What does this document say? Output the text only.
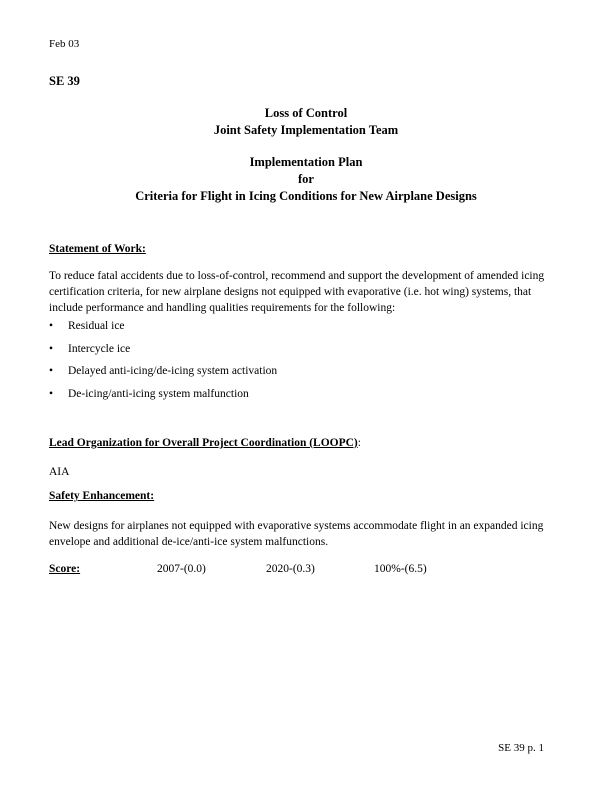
Feb 03
SE 39
Loss of Control
Joint Safety Implementation Team
Implementation Plan
for
Criteria for Flight in Icing Conditions for New Airplane Designs
Statement of Work:
To reduce fatal accidents due to loss-of-control, recommend and support the development of amended icing certification criteria, for new airplane designs not equipped with evaporative (i.e. hot wing) systems, that include performance and handling qualities requirements for the following:
• Residual ice
• Intercycle ice
• Delayed anti-icing/de-icing system activation
• De-icing/anti-icing system malfunction
Lead Organization for Overall Project Coordination (LOOPC):
AIA
Safety Enhancement:
New designs for airplanes not equipped with evaporative systems accommodate flight in an expanded icing envelope and additional de-ice/anti-ice system malfunctions.
Score:	2007-(0.0)	2020-(0.3)	100%-(6.5)
SE 39 p. 1
